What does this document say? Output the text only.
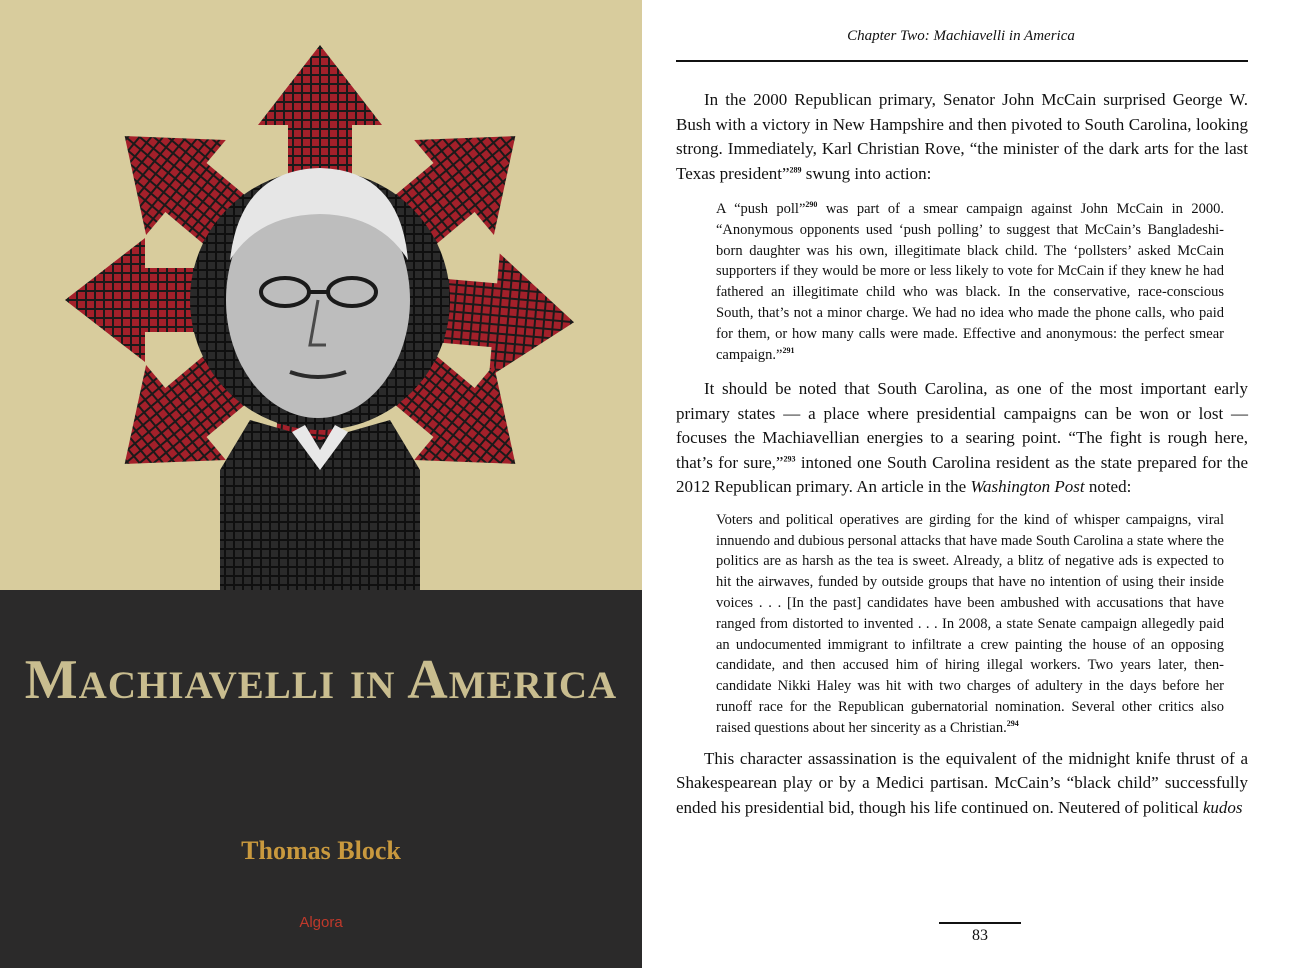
Machiavelli in America
Thomas Block
Algora
Chapter Two: Machiavelli in America

In the 2000 Republican primary, Senator John McCain surprised George W. Bush with a victory in New Hampshire and then pivoted to South Carolina, looking strong. Immediately, Karl Christian Rove, “the minister of the dark arts for the last Texas president”$^{289}$ swung into action:

A “push poll”$^{290}$ was part of a smear campaign against John McCain in 2000. “Anonymous opponents used ‘push polling’ to suggest that McCain’s Bangladeshi-born daughter was his own, illegitimate black child. The ‘pollsters’ asked McCain supporters if they would be more or less likely to vote for McCain if they knew he had fathered an illegitimate child who was black. In the conservative, race-conscious South, that’s not a minor charge. We had no idea who made the phone calls, who paid for them, or how many calls were made. Effective and anonymous: the perfect smear campaign.”$^{291}$

It should be noted that South Carolina, as one of the most important early primary states — a place where presidential campaigns can be won or lost — focuses the Machiavellian energies to a searing point. “The fight is rough here, that’s for sure,”$^{293}$ intoned one South Carolina resident as the state prepared for the 2012 Republican primary. An article in the Washington Post noted:

Voters and political operatives are girding for the kind of whisper campaigns, viral innuendo and dubious personal attacks that have made South Carolina a state where the politics are as harsh as the tea is sweet. Already, a blitz of negative ads is expected to hit the airwaves, funded by outside groups that have no intention of using their inside voices . . . [In the past] candidates have been ambushed with accusations that have ranged from distorted to invented . . . In 2008, a state Senate campaign allegedly paid an undocumented immigrant to infiltrate a crew painting the house of an opposing candidate, and then accused him of hiring illegal workers. Two years later, then-candidate Nikki Haley was hit with two charges of adultery in the days before her runoff race for the Republican gubernatorial nomination. Several other critics also raised questions about her sincerity as a Christian.$^{294}$

This character assassination is the equivalent of the midnight knife thrust of a Shakespearean play or by a Medici partisan. McCain’s “black child” successfully ended his presidential bid, though his life continued on. Neutered of political kudos

83
